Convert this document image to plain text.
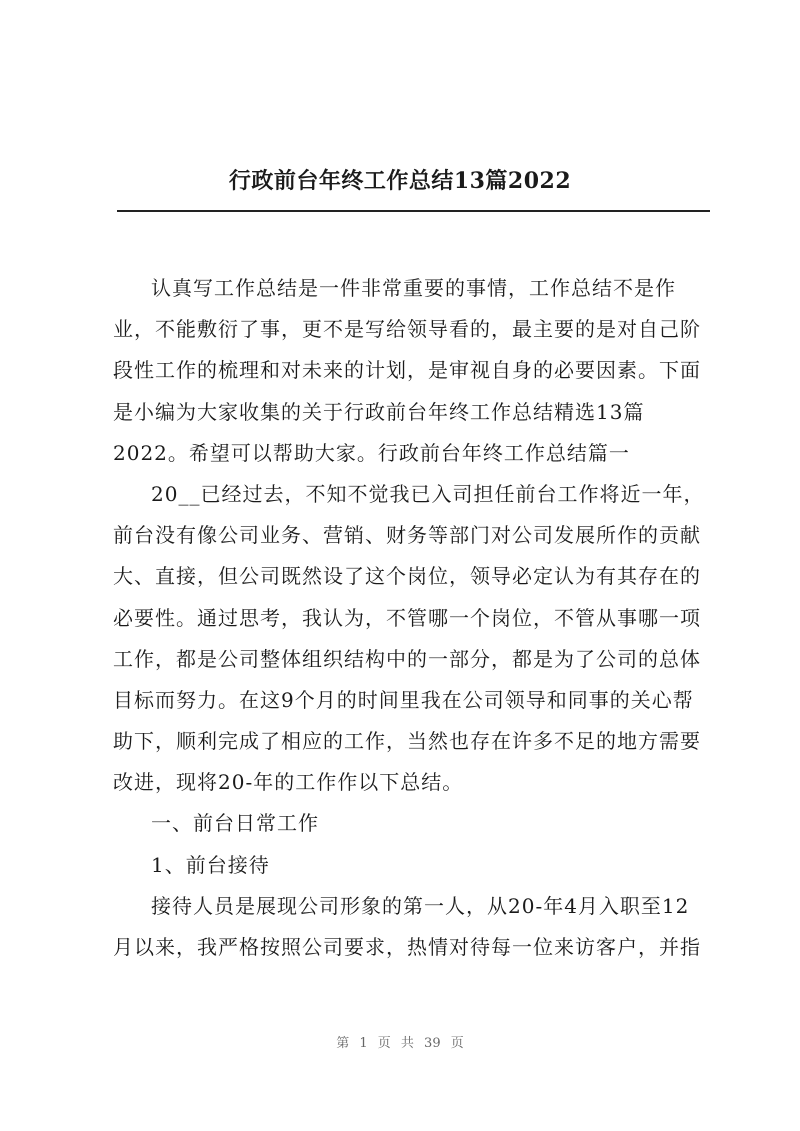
行政前台年终工作总结13篇2022
认真写工作总结是一件非常重要的事情，工作总结不是作
业，不能敷衍了事，更不是写给领导看的，最主要的是对自己阶
段性工作的梳理和对未来的计划，是审视自身的必要因素。下面
是小编为大家收集的关于行政前台年终工作总结精选13篇
2022。希望可以帮助大家。行政前台年终工作总结篇一
20__已经过去，不知不觉我已入司担任前台工作将近一年，
前台没有像公司业务、营销、财务等部门对公司发展所作的贡献
大、直接，但公司既然设了这个岗位，领导必定认为有其存在的
必要性。通过思考，我认为，不管哪一个岗位，不管从事哪一项
工作，都是公司整体组织结构中的一部分，都是为了公司的总体
目标而努力。在这9个月的时间里我在公司领导和同事的关心帮
助下，顺利完成了相应的工作，当然也存在许多不足的地方需要
改进，现将20-年的工作作以下总结。
一、前台日常工作
1、前台接待
接待人员是展现公司形象的第一人，从20-年4月入职至12
月以来，我严格按照公司要求，热情对待每一位来访客户，并指
第 1 页 共 39 页
